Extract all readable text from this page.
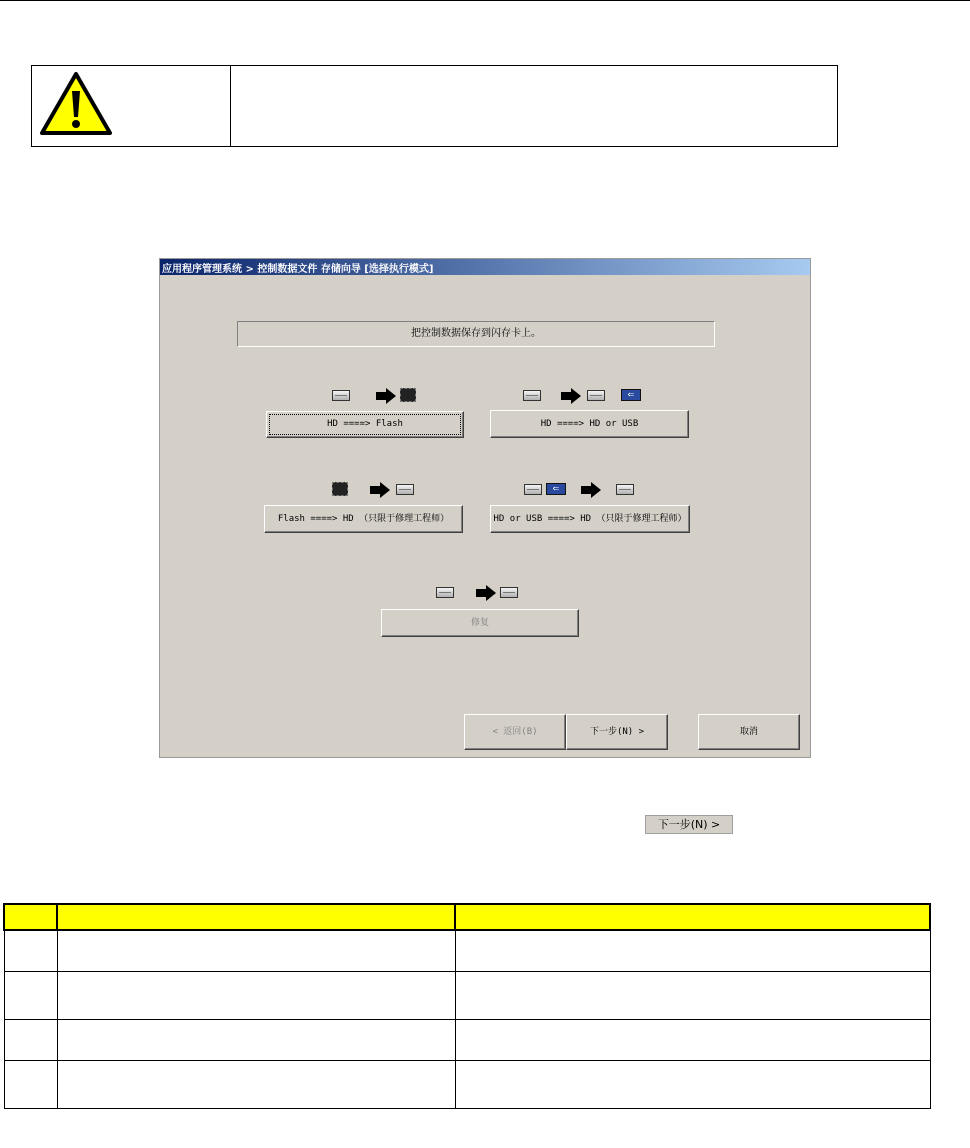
应用程序管理系统 > 控制数据文件 存储向导 [选择执行模式]
把控制数据保存到闪存卡上。
HD ====> Flash
⇐
HD ====> HD or USB
Flash ====> HD （只限于修理工程师）
⇐
HD or USB ====> HD （只限于修理工程师）
修复
< 返回(B)	下一步(N) >	取消
下一步(N) >
